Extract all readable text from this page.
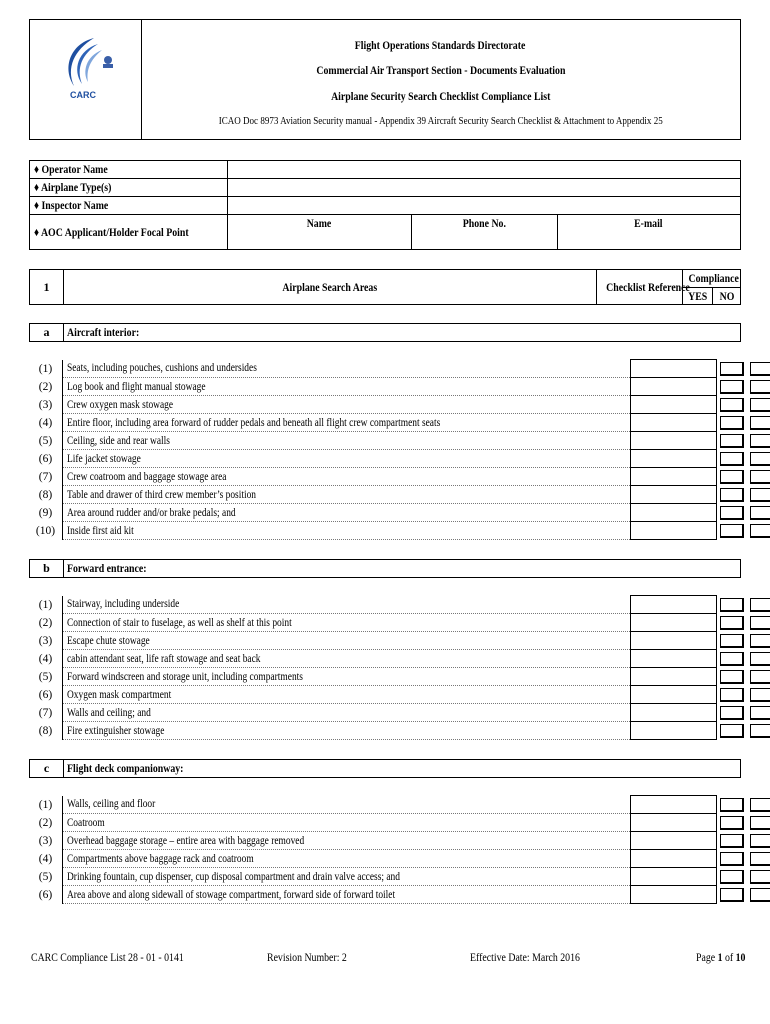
CARC
Flight Operations Standards Directorate
Commercial Air Transport Section - Documents Evaluation
Airplane Security Search Checklist Compliance List
ICAO Doc 8973 Aviation Security manual - Appendix 39 Aircraft Security Search Checklist & Attachment to Appendix 25
♦ Operator Name			
♦ Airplane Type(s)			
♦ Inspector Name			
♦ AOC Applicant/Holder Focal Point	Name	Phone No.	E-mail

1	Airplane Search Areas	Checklist Reference
Compliance
YES	NO
a	Aircraft interior:
(1)	Seats, including pouches, cushions and undersides			
(2)	Log book and flight manual stowage			
(3)	Crew oxygen mask stowage			
(4)	Entire floor, including area forward of rudder pedals and beneath all flight crew compartment seats			
(5)	Ceiling, side and rear walls			
(6)	Life jacket stowage			
(7)	Crew coatroom and baggage stowage area			
(8)	Table and drawer of third crew member’s position			
(9)	Area around rudder and/or brake pedals; and			
(10)	Inside first aid kit			
b	Forward entrance:
(1)	Stairway, including underside			
(2)	Connection of stair to fuselage, as well as shelf at this point			
(3)	Escape chute stowage			
(4)	cabin attendant seat, life raft stowage and seat back			
(5)	Forward windscreen and storage unit, including compartments			
(6)	Oxygen mask compartment			
(7)	Walls and ceiling; and			
(8)	Fire extinguisher stowage			
c	Flight deck companionway:
(1)	Walls, ceiling and floor			
(2)	Coatroom			
(3)	Overhead baggage storage – entire area with baggage removed			
(4)	Compartments above baggage rack and coatroom			
(5)	Drinking fountain, cup dispenser, cup disposal compartment and drain valve access; and			
(6)	Area above and along sidewall of stowage compartment, forward side of forward toilet			
CARC Compliance List 28 - 01 - 0141	Revision Number: 2	Effective Date: March 2016	Page 1 of 10
